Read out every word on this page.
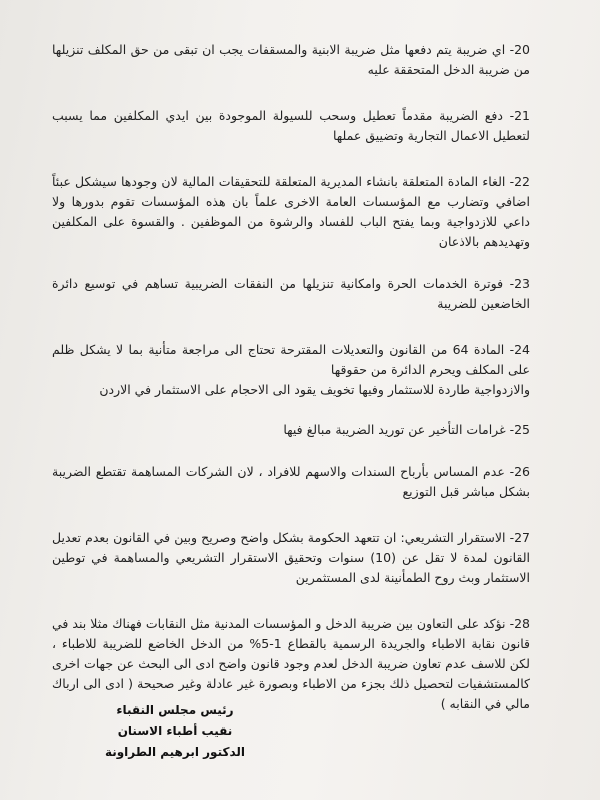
20- اي ضريبة يتم دفعها مثل ضريبة الابنية والمسقفات يجب ان تبقى من حق المكلف تنزيلها من ضريبة الدخل المتحققة عليه

21- دفع الضريبة مقدماً تعطيل وسحب للسيولة الموجودة بين ايدي المكلفين مما يسبب لتعطيل الاعمال التجارية وتضييق عملها

22- الغاء المادة المتعلقة بانشاء المديرية المتعلقة للتحقيقات المالية لان وجودها سيشكل عبئاً اضافي وتضارب مع المؤسسات العامة الاخرى علماً بان هذه المؤسسات تقوم بدورها ولا داعي للازدواجية وبما يفتح الباب للفساد والرشوة من الموظفين . والقسوة على المكلفين وتهديدهم بالاذعان

23- فوترة الخدمات الحرة وامكانية تنزيلها من النفقات الضريبية تساهم في توسيع دائرة الخاضعين للضريبة

24- المادة 64 من القانون والتعديلات المقترحة تحتاج الى مراجعة متأنية بما لا يشكل ظلم على المكلف ويحرم الدائرة من حقوقها
والازدواجية طاردة للاستثمار وفيها تخويف يقود الى الاحجام على الاستثمار في الاردن

25- غرامات التأخير عن توريد الضريبة مبالغ فيها

26- عدم المساس بأرباح السندات والاسهم للافراد ، لان الشركات المساهمة تقتطع الضريبة بشكل مباشر قبل التوزيع

27- الاستقرار التشريعي: ان تتعهد الحكومة بشكل واضح وصريح وبين في القانون بعدم تعديل القانون لمدة لا تقل عن (10) سنوات وتحقيق الاستقرار التشريعي والمساهمة في توطين الاستثمار وبث روح الطمأنينة لدى المستثمرين

28- نؤكد على التعاون بين ضريبة الدخل و المؤسسات المدنية مثل النقابات فهناك مثلا بند في قانون نقابة الاطباء والجريدة الرسمية بالقطاع 1-5% من الدخل الخاضع للضريبة للاطباء ، لكن للاسف عدم تعاون ضريبة الدخل لعدم وجود قانون واضح ادى الى البحث عن جهات اخرى كالمستشفيات لتحصيل ذلك بجزء من الاطباء وبصورة غير عادلة وغير صحيحة ( ادى الى ارباك مالي في النقابه )

رئيس مجلس النقباء
نقيب أطباء الاسنان
الدكتور ابرهيم الطراونة
